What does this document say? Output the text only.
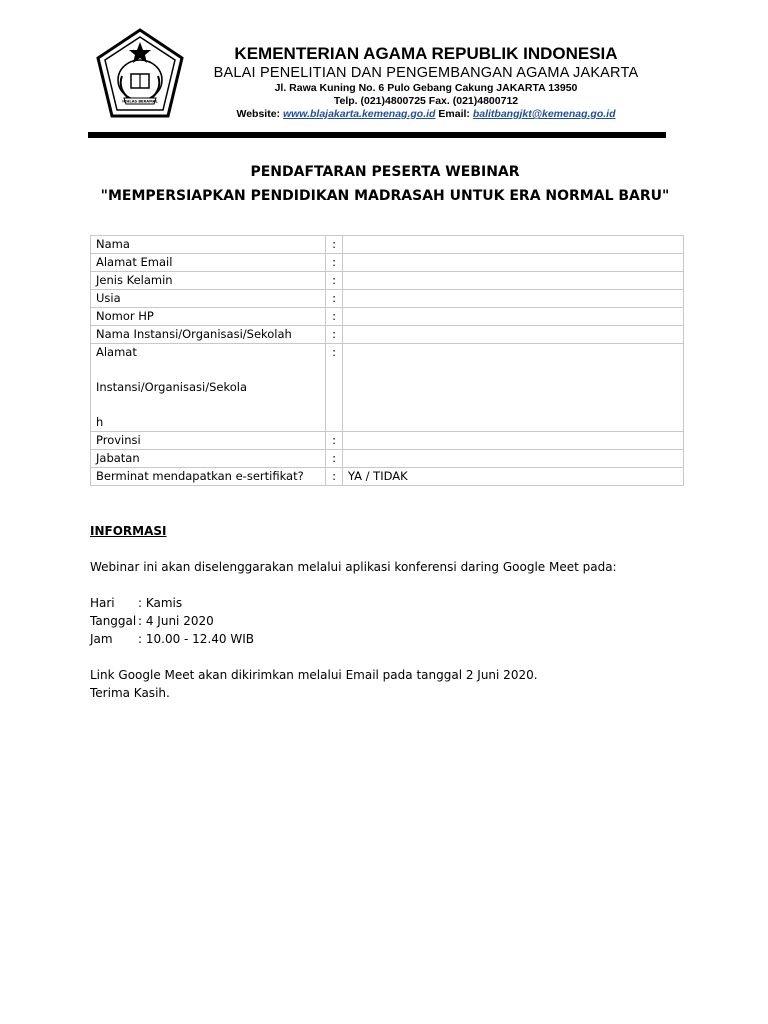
IKHLAS BERAMAL
KEMENTERIAN AGAMA REPUBLIK INDONESIA
BALAI PENELITIAN DAN PENGEMBANGAN AGAMA JAKARTA
Jl. Rawa Kuning No. 6 Pulo Gebang Cakung JAKARTA 13950
Telp. (021)4800725 Fax. (021)4800712
Website: www.blajakarta.kemenag.go.id Email: balitbangjkt@kemenag.go.id
PENDAFTARAN PESERTA WEBINAR
"MEMPERSIAPKAN PENDIDIKAN MADRASAH UNTUK ERA NORMAL BARU"
Nama	:	
Alamat Email	:	
Jenis Kelamin	:	
Usia	:	
Nomor HP	:	
Nama Instansi/Organisasi/Sekolah	:	

Alamat
Instansi/Organisasi/Sekola
h	:	
Provinsi	:	
Jabatan	:	
Berminat mendapatkan e-sertifikat?	:	YA / TIDAK
INFORMASI
Webinar ini akan diselenggarakan melalui aplikasi konferensi daring Google Meet pada:
Hari	: Kamis
Tanggal : 4 Juni 2020
Jam	: 10.00 - 12.40 WIB
Link Google Meet akan dikirimkan melalui Email pada tanggal 2 Juni 2020.
Terima Kasih.
